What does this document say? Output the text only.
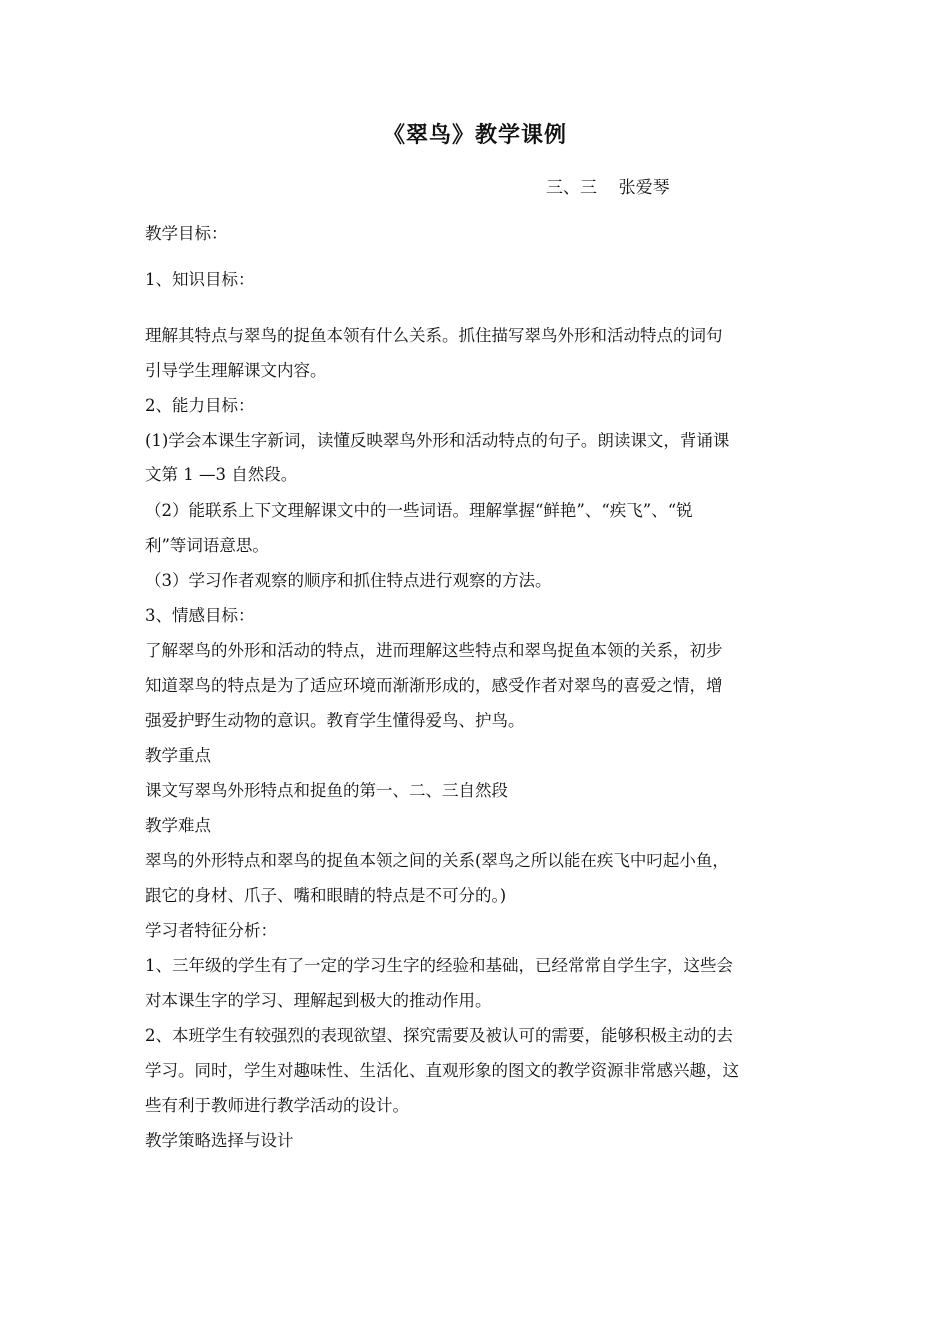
《翠鸟》教学课例
三、三    张爱琴
教学目标：
1、知识目标：
理解其特点与翠鸟的捉鱼本领有什么关系。抓住描写翠鸟外形和活动特点的词句
引导学生理解课文内容。
2、能力目标：
(1)学会本课生字新词，读懂反映翠鸟外形和活动特点的句子。朗读课文，背诵课
文第 1 —3 自然段。
（2）能联系上下文理解课文中的一些词语。理解掌握“鲜艳”、“疾飞”、“锐
利”等词语意思。
（3）学习作者观察的顺序和抓住特点进行观察的方法。
3、情感目标：
了解翠鸟的外形和活动的特点，进而理解这些特点和翠鸟捉鱼本领的关系，初步
知道翠鸟的特点是为了适应环境而渐渐形成的，感受作者对翠鸟的喜爱之情，增
强爱护野生动物的意识。教育学生懂得爱鸟、护鸟。
教学重点
课文写翠鸟外形特点和捉鱼的第一、二、三自然段
教学难点
翠鸟的外形特点和翠鸟的捉鱼本领之间的关系(翠鸟之所以能在疾飞中叼起小鱼，
跟它的身材、爪子、嘴和眼睛的特点是不可分的。)
学习者特征分析：
1、三年级的学生有了一定的学习生字的经验和基础，已经常常自学生字，这些会
对本课生字的学习、理解起到极大的推动作用。
2、本班学生有较强烈的表现欲望、探究需要及被认可的需要，能够积极主动的去
学习。同时，学生对趣味性、生活化、直观形象的图文的教学资源非常感兴趣，这
些有利于教师进行教学活动的设计。
教学策略选择与设计
